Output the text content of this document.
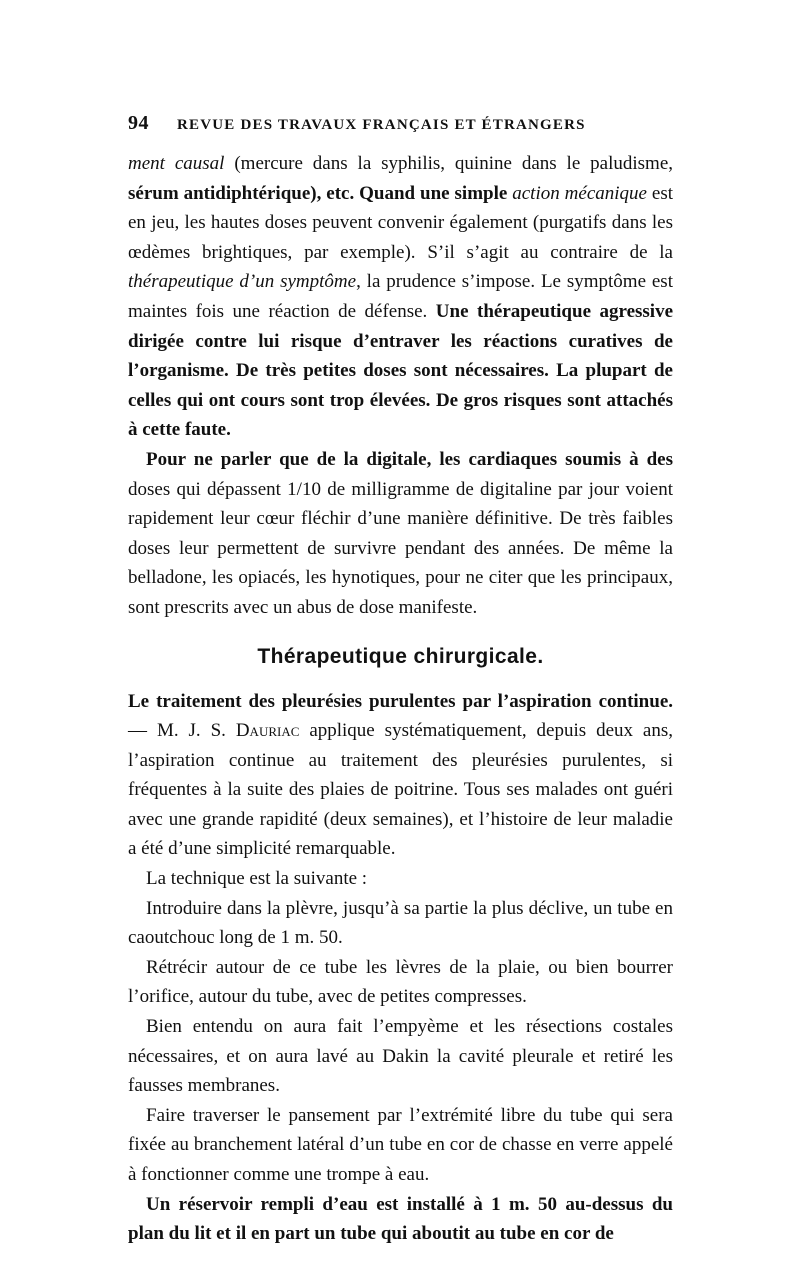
94 REVUE DES TRAVAUX FRANÇAIS ET ÉTRANGERS

ment causal (mercure dans la syphilis, quinine dans le paludisme, sérum antidiphtérique), etc. Quand une simple action mécanique est en jeu, les hautes doses peuvent convenir également (purgatifs dans les œdèmes brightiques, par exemple). S’il s’agit au contraire de la thérapeutique d’un symptôme, la prudence s’impose. Le symptôme est maintes fois une réaction de défense. Une thérapeutique agressive dirigée contre lui risque d’entraver les réactions curatives de l’organisme. De très petites doses sont nécessaires. La plupart de celles qui ont cours sont trop élevées. De gros risques sont attachés à cette faute.

Pour ne parler que de la digitale, les cardiaques soumis à des doses qui dépassent 1/10 de milligramme de digitaline par jour voient rapidement leur cœur fléchir d’une manière définitive. De très faibles doses leur permettent de survivre pendant des années. De même la belladone, les opiacés, les hynotiques, pour ne citer que les principaux, sont prescrits avec un abus de dose manifeste.

Thérapeutique chirurgicale.

Le traitement des pleurésies purulentes par l’aspiration continue. — M. J. S. Dauriac applique systématiquement, depuis deux ans, l’aspiration continue au traitement des pleurésies purulentes, si fréquentes à la suite des plaies de poitrine. Tous ses malades ont guéri avec une grande rapidité (deux semaines), et l’histoire de leur maladie a été d’une simplicité remarquable.

La technique est la suivante :

Introduire dans la plèvre, jusqu’à sa partie la plus déclive, un tube en caoutchouc long de 1 m. 50.

Rétrécir autour de ce tube les lèvres de la plaie, ou bien bourrer l’orifice, autour du tube, avec de petites compresses.

Bien entendu on aura fait l’empyème et les résections costales nécessaires, et on aura lavé au Dakin la cavité pleurale et retiré les fausses membranes.

Faire traverser le pansement par l’extrémité libre du tube qui sera fixée au branchement latéral d’un tube en cor de chasse en verre appelé à fonctionner comme une trompe à eau.

Un réservoir rempli d’eau est installé à 1 m. 50 au-dessus du plan du lit et il en part un tube qui aboutit au tube en cor de
